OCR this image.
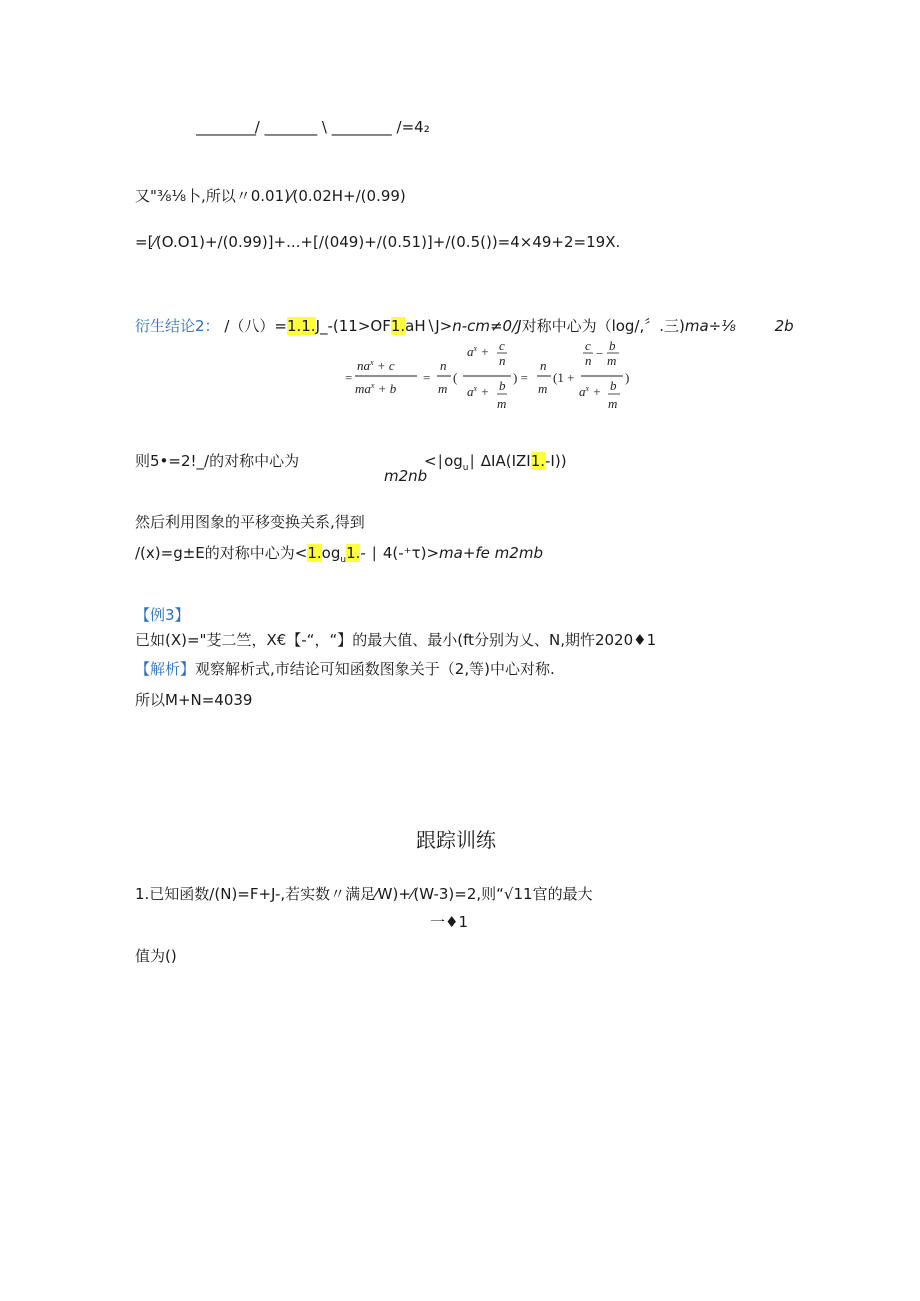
________ / _______ \ ________ /=4₂
又"⅜⅛卜,所以〃0.01)⁄(0.02H+/(0.99)
=[⁄(O.O1)+/(0.99)]+...+[/(049)+/(0.51)]+/(0.5())=4×49+2=19X.
衍生结论2： /（八）=1.1.J_-(11>OF1.aH∖J>n-cm≠0/J对称中心为（log/,〞.三)ma÷⅛	2b
=
$na^x + c$
$ma^x + b$
=
n
m
(
$a^x + c$
n
$a^x + b$
m
) =
n
m
(1 +
c
n −
b
m
$a^x + b$
m
)
则5•=2!_/的对称中心为	$<∣og_u∣$ ΔIA(IZI1.-I))
m2nb
然后利用图象的平移变换关系,得到
/(x)=g±E的对称中心为$<1.og_u1.-$ ∣ 4(-⁺τ)>ma+fe m2mb
【例3】
已如(X)="芟二竺，X€【-“，“】的最大值、最小(ft分别为乂、N,期忤2020♦1
【解析】观察解析式,市结论可知函数图象关于（2,等)中心对称.
所以M+N=4039
跟踪训练
1.已知函数/(N)=F+J-,若实数〃满足⁄W)+⁄(W-3)=2,则“√11官的最大
一♦1
值为()
